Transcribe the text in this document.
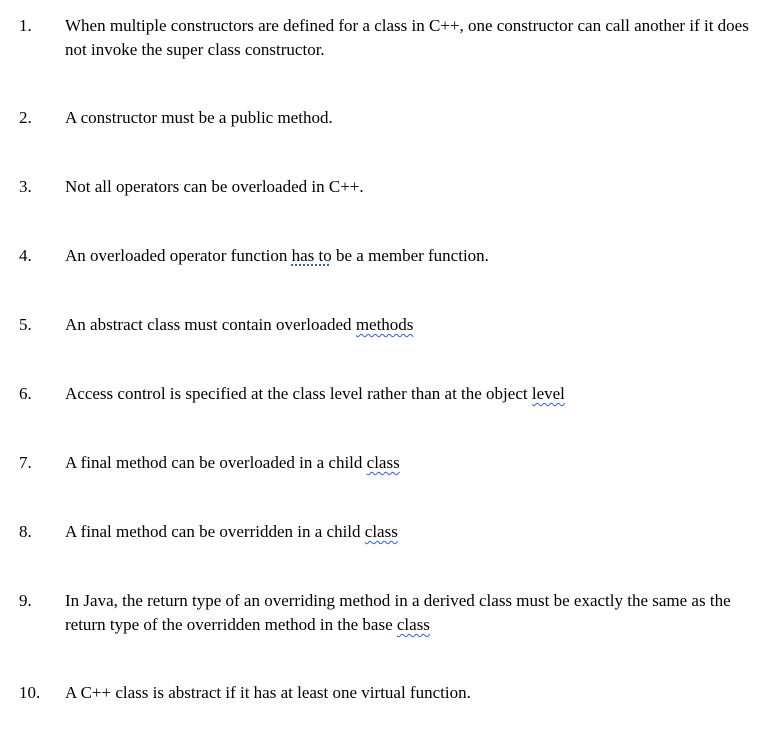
1. When multiple constructors are defined for a class in C++, one constructor can call another if it does not invoke the super class constructor.
2. A constructor must be a public method.
3. Not all operators can be overloaded in C++.
4. An overloaded operator function has to be a member function.
5. An abstract class must contain overloaded methods
6. Access control is specified at the class level rather than at the object level
7. A final method can be overloaded in a child class
8. A final method can be overridden in a child class
9. In Java, the return type of an overriding method in a derived class must be exactly the same as the return type of the overridden method in the base class
10. A C++ class is abstract if it has at least one virtual function.
